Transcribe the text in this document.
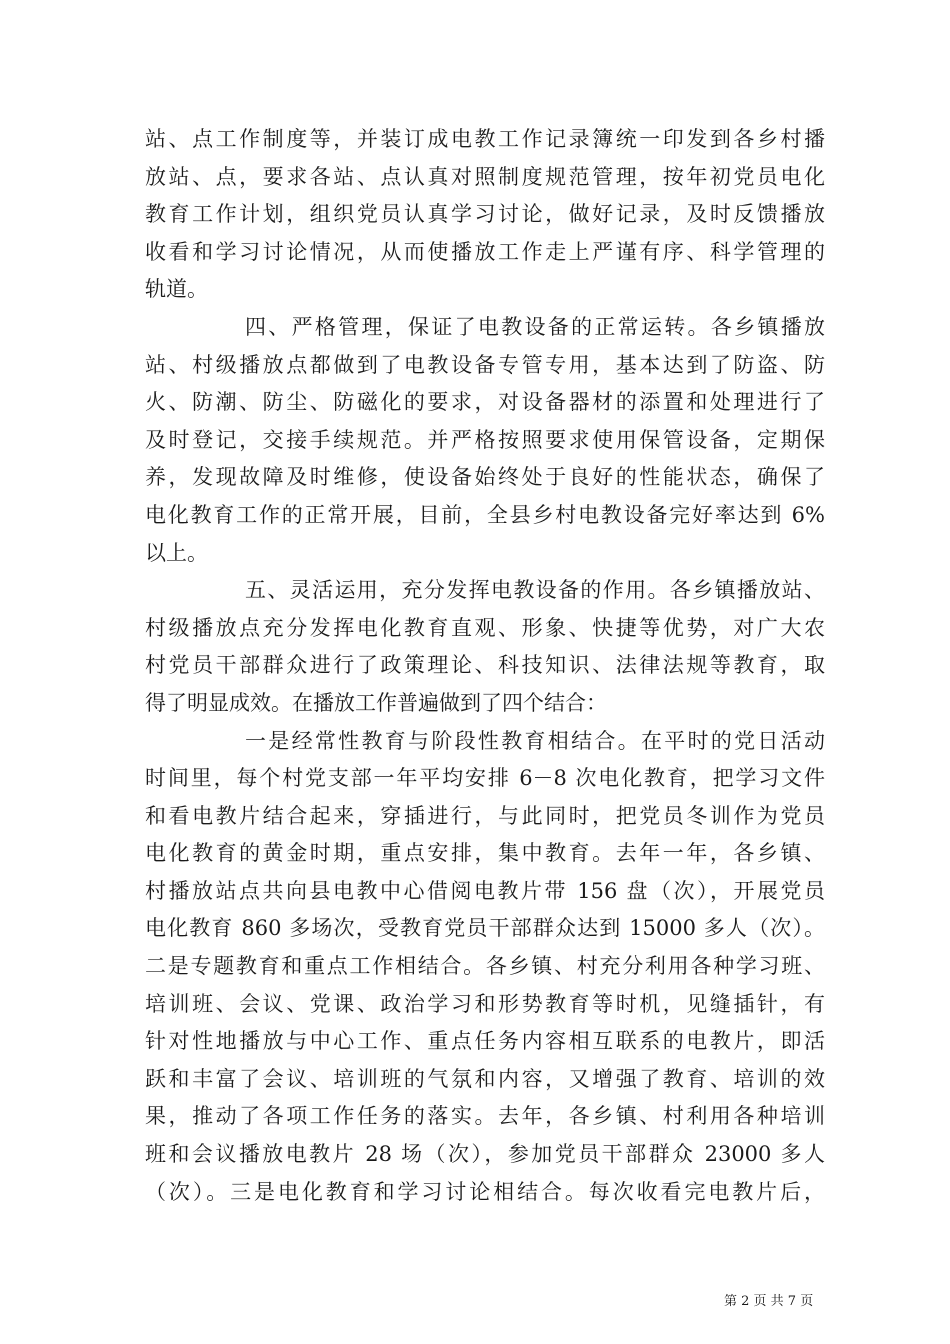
站、点工作制度等，并装订成电教工作记录簿统一印发到各乡村播
放站、点，要求各站、点认真对照制度规范管理，按年初党员电化
教育工作计划，组织党员认真学习讨论，做好记录，及时反馈播放
收看和学习讨论情况，从而使播放工作走上严谨有序、科学管理的
轨道。
四、严格管理，保证了电教设备的正常运转。各乡镇播放
站、村级播放点都做到了电教设备专管专用，基本达到了防盗、防
火、防潮、防尘、防磁化的要求，对设备器材的添置和处理进行了
及时登记，交接手续规范。并严格按照要求使用保管设备，定期保
养，发现故障及时维修，使设备始终处于良好的性能状态，确保了
电化教育工作的正常开展，目前，全县乡村电教设备完好率达到 6%
以上。
五、灵活运用，充分发挥电教设备的作用。各乡镇播放站、
村级播放点充分发挥电化教育直观、形象、快捷等优势，对广大农
村党员干部群众进行了政策理论、科技知识、法律法规等教育，取
得了明显成效。在播放工作普遍做到了四个结合：
一是经常性教育与阶段性教育相结合。在平时的党日活动
时间里，每个村党支部一年平均安排 6－8 次电化教育，把学习文件
和看电教片结合起来，穿插进行，与此同时，把党员冬训作为党员
电化教育的黄金时期，重点安排，集中教育。去年一年，各乡镇、
村播放站点共向县电教中心借阅电教片带 156 盘（次），开展党员
电化教育 860 多场次，受教育党员干部群众达到 15000 多人（次）。
二是专题教育和重点工作相结合。各乡镇、村充分利用各种学习班、
培训班、会议、党课、政治学习和形势教育等时机，见缝插针，有
针对性地播放与中心工作、重点任务内容相互联系的电教片，即活
跃和丰富了会议、培训班的气氛和内容，又增强了教育、培训的效
果，推动了各项工作任务的落实。去年，各乡镇、村利用各种培训
班和会议播放电教片 28 场（次），参加党员干部群众 23000 多人
（次）。三是电化教育和学习讨论相结合。每次收看完电教片后，
第 2 页 共 7 页
